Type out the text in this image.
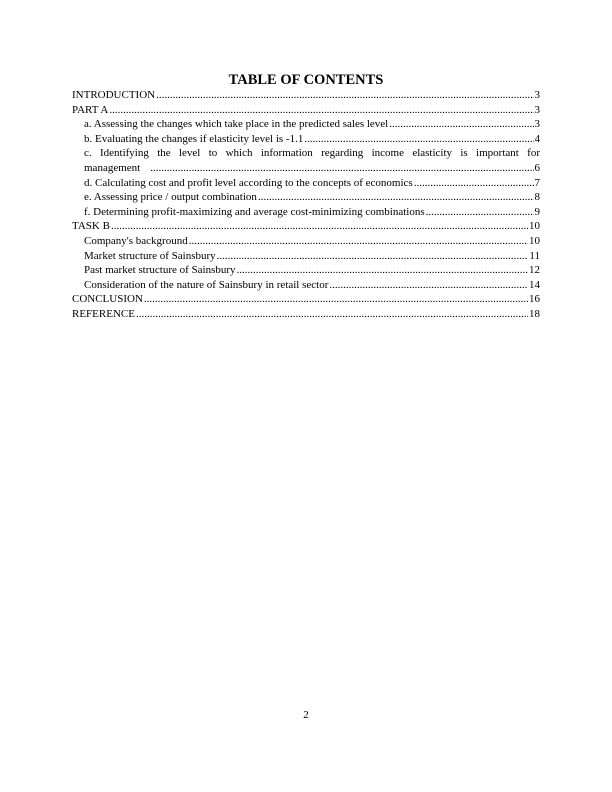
TABLE OF CONTENTS
INTRODUCTION .....	3
PART A .....	3
a. Assessing the changes which take place in the predicted sales level .....	3
b. Evaluating the changes if elasticity level is -1.1 .....	4
c. Identifying the level to which information regarding income elasticity is important for
management .....	6
d. Calculating cost and profit level according to the concepts of economics .....	7
e. Assessing price / output combination .....	8
f. Determining profit-maximizing and average cost-minimizing combinations .....	9
TASK B .....	10
Company's background .....	10
Market structure of Sainsbury .....	11
Past market structure of Sainsbury .....	12
Consideration of the nature of Sainsbury in retail sector .....	14
CONCLUSION .....	16
REFERENCE .....	18
2
